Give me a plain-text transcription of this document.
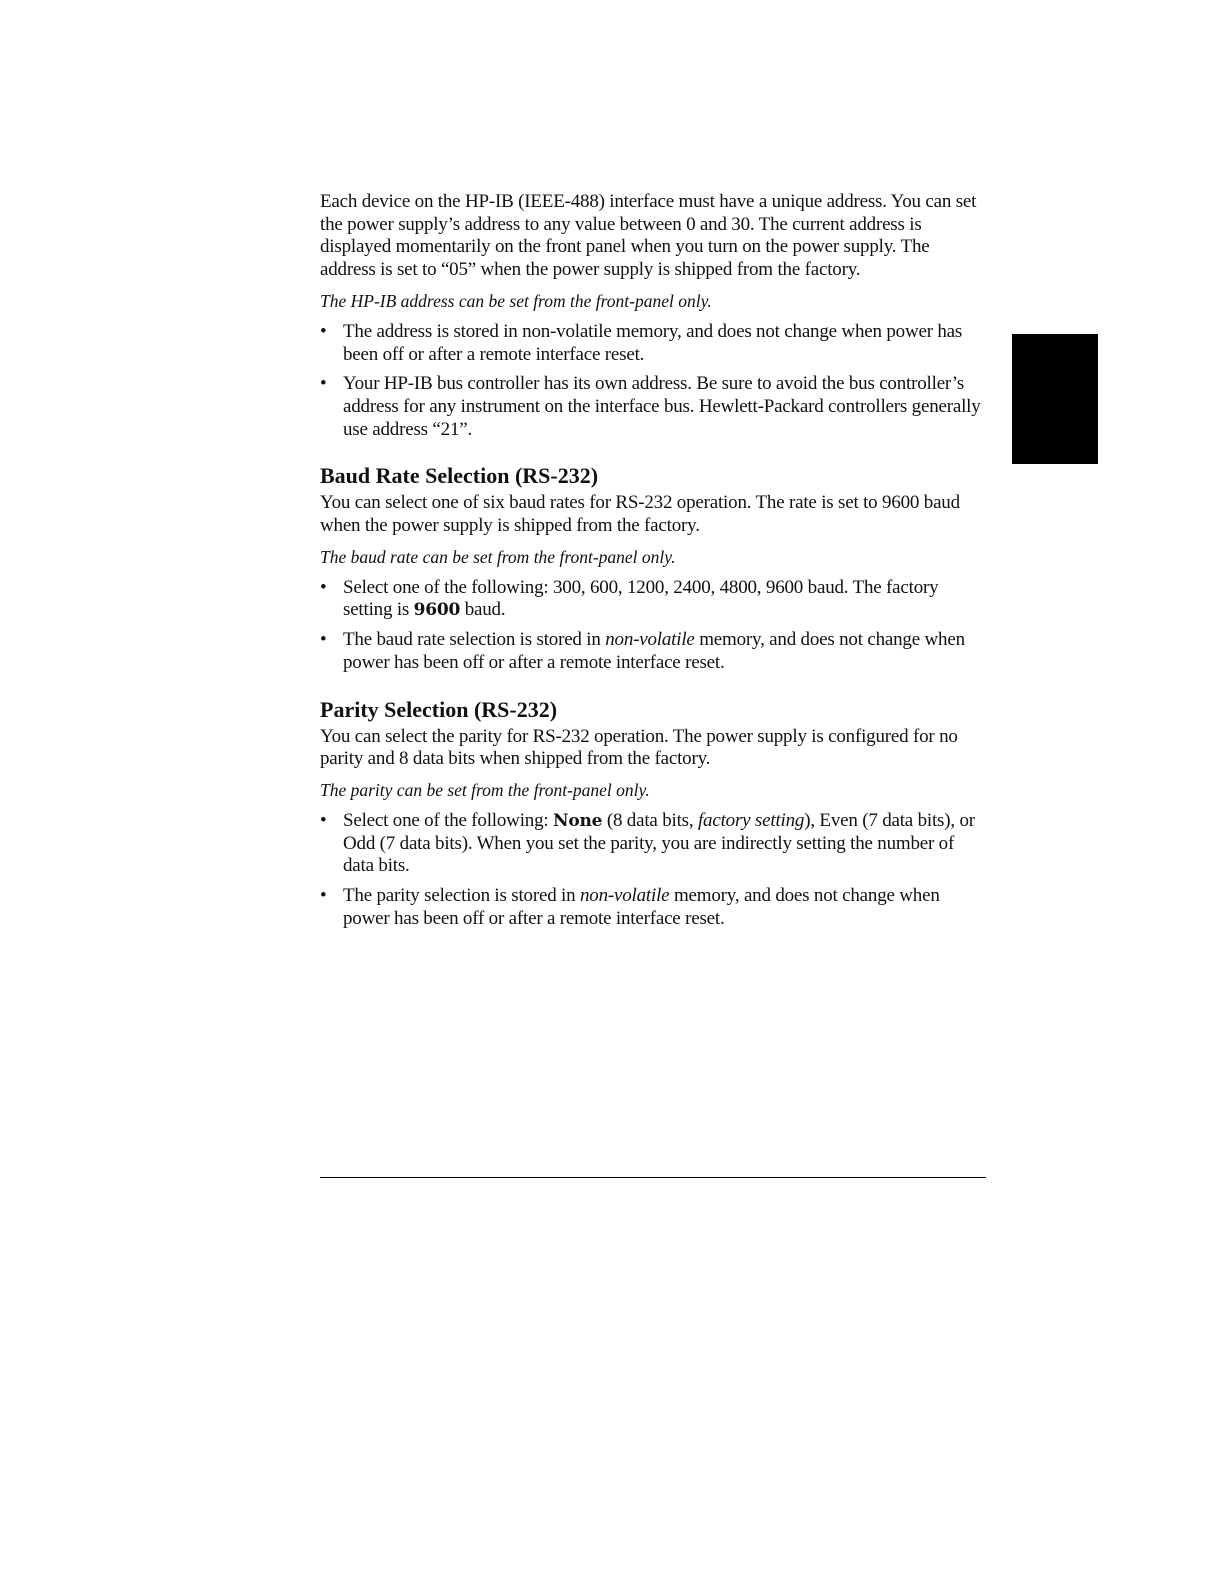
Each device on the HP-IB (IEEE-488) interface must have a unique address. You can set the power supply’s address to any value between 0 and 30. The current address is displayed momentarily on the front panel when you turn on the power supply. The address is set to “05” when the power supply is shipped from the factory.

The HP-IB address can be set from the front-panel only.

• The address is stored in non-volatile memory, and does not change when power has been off or after a remote interface reset.
• Your HP-IB bus controller has its own address. Be sure to avoid the bus controller’s address for any instrument on the interface bus. Hewlett-Packard controllers generally use address “21”.
Baud Rate Selection (RS-232)

You can select one of six baud rates for RS-232 operation. The rate is set to 9600 baud when the power supply is shipped from the factory.

The baud rate can be set from the front-panel only.

• Select one of the following: 300, 600, 1200, 2400, 4800, 9600 baud. The factory setting is 9600 baud.
• The baud rate selection is stored in non-volatile memory, and does not change when power has been off or after a remote interface reset.
Parity Selection (RS-232)

You can select the parity for RS-232 operation. The power supply is configured for no parity and 8 data bits when shipped from the factory.

The parity can be set from the front-panel only.

• Select one of the following: None (8 data bits, factory setting), Even (7 data bits), or Odd (7 data bits). When you set the parity, you are indirectly setting the number of data bits.
• The parity selection is stored in non-volatile memory, and does not change when power has been off or after a remote interface reset.
